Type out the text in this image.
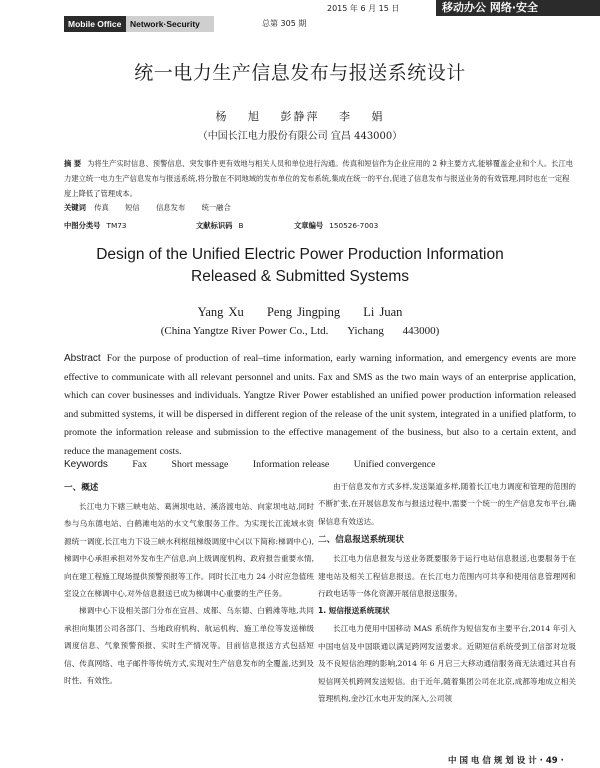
Mobile Office	Network·Security	总第 305 期
2015 年 6 月 15 日	移动办公 网络·安全
统一电力生产信息发布与报送系统设计
杨 旭 彭静萍 李 娟
（中国长江电力股份有限公司 宜昌 443000）
摘 要 为将生产实时信息、预警信息、突发事件更有效地与相关人员和单位进行沟通。传真和短信作为企业应用的 2 种主要方式,能够覆盖企业和个人。长江电力建立统一电力生产信息发布与报送系统,将分散在不同地域的发布单位的发布系统,集成在统一的平台,促进了信息发布与报送业务的有效管理,同时也在一定程度上降低了管理成本。
关键词 传真 短信 信息发布 统一融合
中图分类号 TM73	文献标识码 B	文章编号 150526-7003
Design of the Unified Electric Power Production Information
Released & Submitted Systems
Yang Xu Peng Jingping Li Juan
(China Yangtze River Power Co., Ltd. Yichang 443000)
Abstract For the purpose of production of real–time information, early warning information, and emergency events are more effective to communicate with all relevant personnel and units. Fax and SMS as the two main ways of an enterprise application, which can cover businesses and individuals. Yangtze River Power established an unified power production information released and submitted systems, it will be dispersed in different region of the release of the unit system, integrated in a unified platform, to promote the information release and submission to the effective management of the business, but also to a certain extent, and reduce the management costs.
Keywords Fax Short message Information release Unified convergence
一、概述

长江电力下辖三峡电站、葛洲坝电站、溪洛渡电站、向家坝电站,同时参与乌东德电站、白鹤滩电站的水文气象服务工作。为实现长江流域水资源统一调度,长江电力下设三峡水利枢纽梯级调度中心(以下简称:梯调中心),梯调中心承担承担对外发布生产信息,向上级调度机构、政府报告重要水情,向在建工程施工现场提供预警预报等工作。同时长江电力 24 小时应急值班室设立在梯调中心,对外信息报送已成为梯调中心重要的生产任务。

梯调中心下设相关部门分布在宜昌、成都、乌东德、白鹤滩等地,共同承担向集团公司各部门、当地政府机构、航运机构、施工单位等发送梯级调度信息、气象预警预报、实时生产情况等。目前信息报送方式包括短信、传真网络、电子邮件等传统方式,实现对生产信息发布的全覆盖,达到及时性、有效性。

由于信息发布方式多样,发送渠道多样,随着长江电力调度和管理的范围的不断扩张,在开展信息发布与报送过程中,需要一个统一的生产信息发布平台,确保信息有效送达。

二、信息报送系统现状

长江电力信息报发与送业务既要服务于运行电站信息报送,也要服务于在建电站及相关工程信息报送。在长江电力范围内可共享和使用信息管理网和行政电话等一体化资源开展信息报送服务。

1. 短信报送系统现状

长江电力使用中国移动 MAS 系统作为短信发布主要平台,2014 年引入中国电信及中国联通以满足跨网发送要求。近期短信系统受到工信部对垃圾及不良短信治理的影响,2014 年 6 月启三大移动通信服务商无法通过其自有短信网关机跨网发送短信。由于近年,随着集团公司在北京,成都等地成立相关管理机构,金沙江水电开发的深入,公司领

中 国 电 信 规 划 设 计 · 49 ·
